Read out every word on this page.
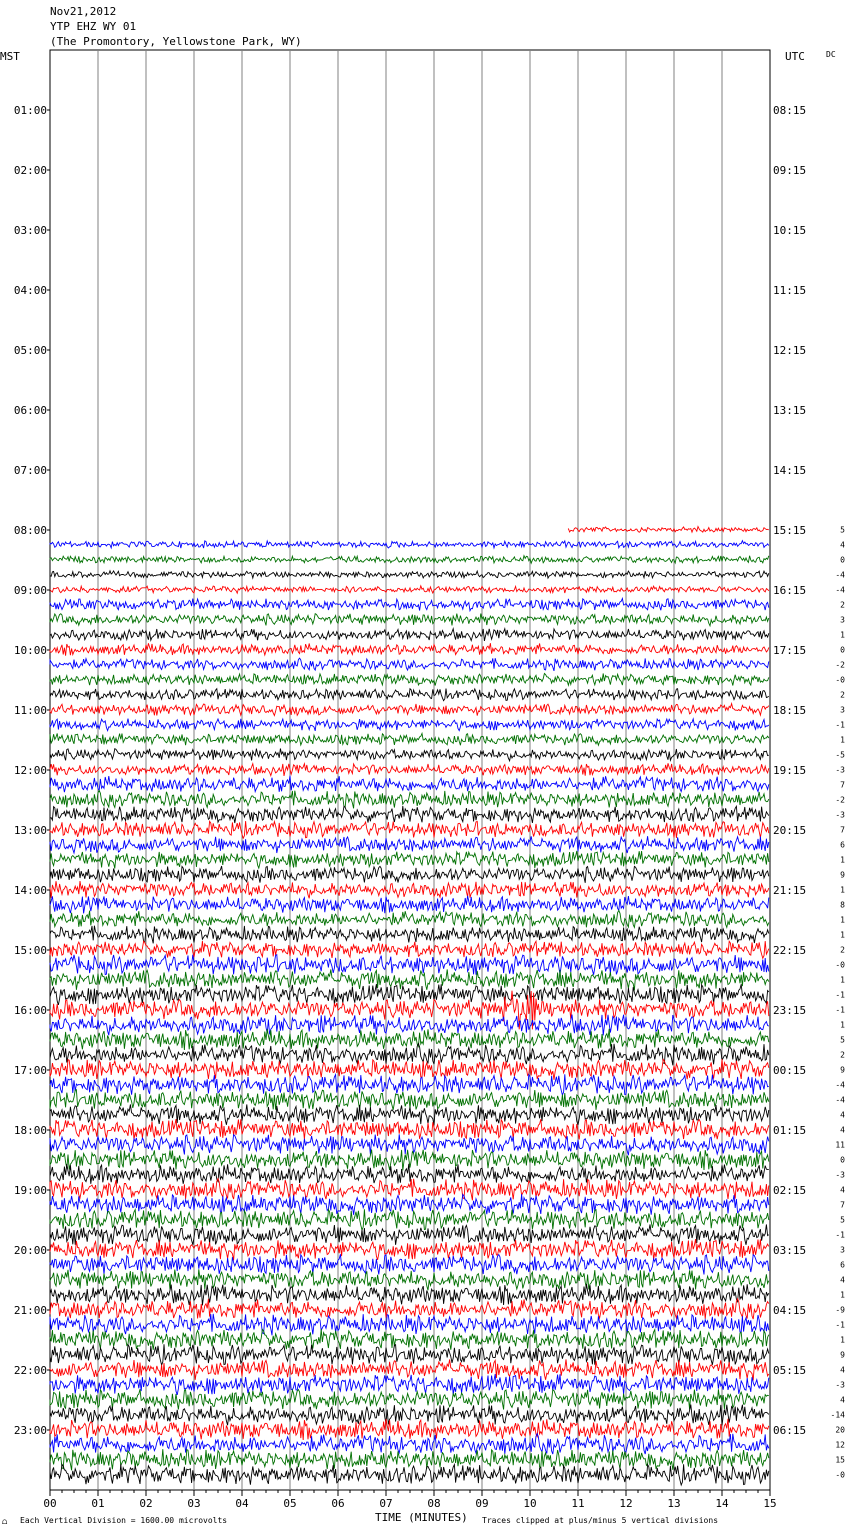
Nov21,2012
YTP EHZ WY 01
(The Promontory, Yellowstone Park, WY)
MST	UTC	DC
00	01	02	03	04	05	06	07	08	09	10	11	12	13	14	15
01:00
02:00
03:00
04:00
05:00
06:00
07:00
08:00
09:00
10:00
11:00
12:00
13:00
14:00
15:00
16:00
17:00
18:00
19:00
20:00
21:00
22:00
23:00
08:15
09:15
10:15
11:15
12:15
13:15
14:15
15:15
16:15
17:15
18:15
19:15
20:15
21:15
22:15
23:15
00:15
01:15
02:15
03:15
04:15
05:15
06:15
5
4
0
-4
-4
2
3
1
0
-2
-0
2
3
-1
1
-5
-3
7
-2
-3
7
6
1
9
1
8
1
1
2
-0
1
-1
-1
1
5
2
9
-4
-4
4
4
11
0
-3
4
7
5
-1
3
6
4
1
-9
-1
1
9
4
-3
4
-14
20
12
15
-0
Each Vertical Division = 1600.00 microvolts	TIME (MINUTES) Traces clipped at plus/minus 5 vertical divisions
⩍
